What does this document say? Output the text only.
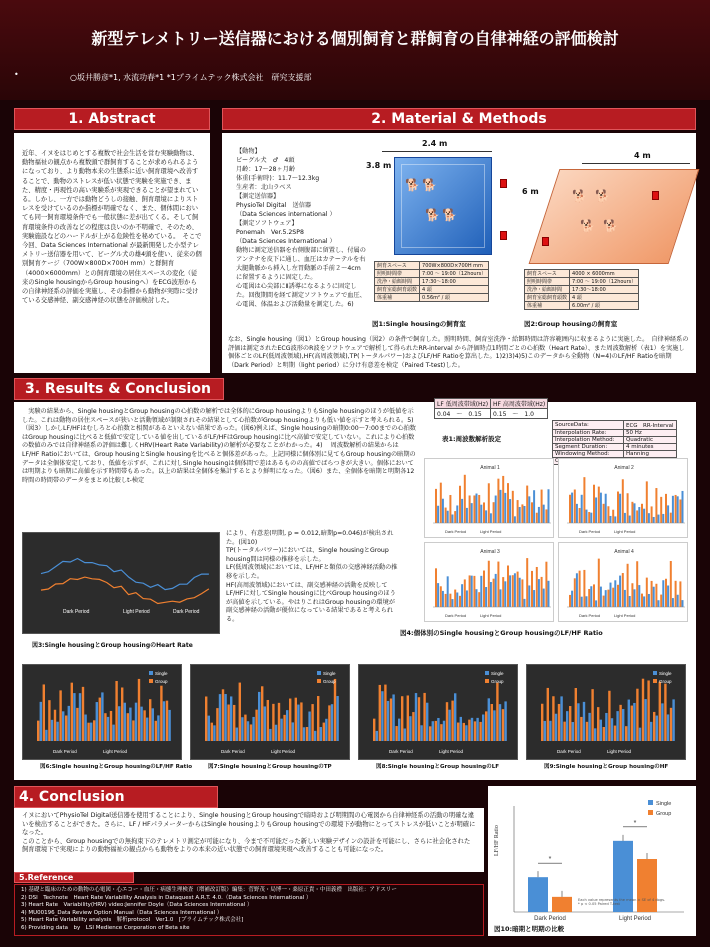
新型テレメトリー送信器における個別飼育と群飼育の自律神経の評価検討
•	○坂井勝彦*1, 水流功春*1 *1プライムテック株式会社　研究支援部
1. Abstract
近年、イヌをはじめとする複数で社会生活を営む実験動物は、動物福祉の観点から複数頭で群飼育することが求められるようになっており、より動物本来の生態系に近い飼育環境へ改善することで、動物のストレスが低い状態で実験を実施でき、また、精度・再現性の高い実験系が実現できることが望まれている。しかし、一方では動物どうしの接触、飼育環境によりストレスを受けているのか指標が明確でなく、また、個体間においても同一飼育環境条件でも一般状態に差が出てくる。そして飼育環境条件の改善などの程度は良いのか不明確で、そのため、実験施設などのハードルが上がる危険性を秘めている。　そこで今回、Data Sciences International が最新開発した小型テレメトリー送信器を用いて、ビーグル犬の雄4頭を使い、従来の個別飼育ケージ（700W×800D×700H mm）と群飼育（4000×6000mm）との飼育環境の居住スペースの変化（従来のSingle housingからGroup housingへ）をECG波形からの自律神経系の評価を実施し、その指標から動物が実際に受けている交感神経、副交感神経の状態を評価検討した。
2. Material & Methods
【動物】
ビーグル犬　♂　4頭
月齢：17～28ヶ月齢
体重(手術時)：11.7～12.3kg
生産者：北山ラベス
【測定送信器】
PhysioTel Digital　送信器
（Data Sciences international ）
【測定ソフトウェア】
Ponemah　Ver.5.2SP8
（Data Sciences International ）
動物に測定送信器を右側腹部に留置し、付属のアンテナを皮下に通し、血圧はカテーテルを右大腿動脈から挿入し左胃動脈の手前２～4cmに留置するように固定した。
心電図は心尖部にⅡ誘導になるように固定した。回復期間を経て測定ソフトウェアで血圧、心電図、体温および活動量を測定した。6)
なお、Single housing（図1）とGroup housing（図2）の条件で飼育した。照明時間、飼育室洗浄・給餌時間は許容範囲内に収まるように実施した。　自律神経系の評価は測定されたECG波形のR波をソフトウェアで解析して得られたRR-interval から評価時点1時間ごとの心拍数（Heart Rate）、また周波数解析（表1）を実施し個体ごとのLF(低周波領域),HF(高周波領域),TP(トータルパワー)およびLF/HF Ratioを算出した。1)2)3)4)5)このデータから全動物（N=4)のLF/HF Ratioを暗期（Dark Period）と明期（light period）に分け有意差を検定（Paired T-test)した。
2.4 m
3.8 m
🐕🐕
🐕🐕
飼育スペース	700W×800D×700H mm
照明時間帯	7:00 ～ 19:00（12hours）
洗浄・給餌時間	17:30～18:00
飼育室総飼育頭数	4 頭
体重補	0.56m² / 頭
図1:Single housingの飼育室
4 m
6 m	🐕🐕
🐕🐕
飼育スペース	4000 × 6000mm
照明時間帯	7:00 ～ 19:00（12hours）
洗浄・給餌時間	17:30～18:00
飼育室総飼育頭数	4 頭
体重補	6.00m² / 頭
図2:Group housingの飼育室
3. Results & Conclusion
　実験の結果から、Single housingとGroup housingの心拍数の解析では全体的にGroup housingよりもSingle housingのほうが低値を示した。これは動物の居住スペースが狭いと活動領域が制限されその結果として心拍数がGroup housingよりも低い値を示すと考えられる。5)（図3）しかしLF/HFはむしろと心拍数と相関があるといえない結果であった。(図6)例えば、Single housingの暗期0:00～7:00までの心拍数はGroup housingに比べると低値で安定している値を出しているがLF/HFはGroup housingに比べ高値で安定していない。これにより心拍数の数値のみでは自律神経系の評価は難しくHRV(Heart Rate Variability)の解析が必要なことがわかった。4) 　周波数解析の結果からはLF/HF Ratioにおいては、Group housingとSingle housingを比べると個体差があった。上記同様に個体別に見てもGroup housingの暗期のデータは全個体安定しており、低値を示すが、これに対しSingle housingは個体間で差はあるものの高値でばらつきが大きい。個体においては明期よりも暗期に高値を示す時間帯もあった。以上の結果は全個体を集計するとより鮮明になった。（図6）また、全個体を暗期と明期各12時間の時間帯のデータをまとめ比較しt-検定
により、有意差(明期, p = 0.012,暗期p=0.046)が検出された。(図10)
TP(トータルパワー)においては、Single housingとGroup housing間は同様の推移を示した。
LF(低周波領域)においては、LF/HFと類似の交感神経活動の推移を示した。
HF(高周波領域)においては、副交感神経の活動を反映してLF/HFに対してSingle housingに比べGroup housingのほうが高値を示している。やはりこれはGroup housingの環境が副交感神経の活動が優位になっている結果であると考えられる。
Dark Period	Light Period	Dark Period
図3:Single housingとGroup housingのHeart Rate
LF 低周波帯域(Hz)	HF 高周波帯域(Hz)
0.04　～　0.15	0.15　～　1.0
SourceData:	ECG　RR-Interval
Interpolation Rate:	50 Hz
Interpolation Method:	Quadratic
Segment Duration:	4 minutes
Windowing Method:	Hanning
Overlapping Sub-series:	2
表1:周波数解析設定
Animal 1
Dark Period	Light Period
Animal 2
Dark Period	Light Period
Animal 3
Dark Period	Light Period
Animal 4
Dark Period	Light Period
図4:個体別のSingle housingとGroup housingのLF/HF Ratio
Single
Group
Dark Period	Light Period
図6:Single housingとGroup housingのLF/HF Ratio
Single
Group
Dark Period	Light Period
図7:Single housingとGroup housingのTP
Single
Group
Dark Period	Light Period
図8:Single housingとGroup housingのLF
Single
Group
Dark Period	Light Period
図9:Single housingとGroup housingのHF
4. Conclusion
イヌにおいてPhysioTel Digital送信器を使用することにより、Single housingとGroup housingで暗時および明期間の心電図から自律神経系の活動の明確な違いを検出することができた。さらに、LF / HFパラメーターからはSingle housingよりもGroup housingでの環境下が動物にとってストレスが低いことが明確になった。
このことから、Group housingでの無拘束下のテレメトリ測定が可能になり、今まで不可能だった新しい実験デザインの設計を可能にし、さらに社会化された飼育環境下で実現によりの動物福祉の観点からも動物をよりの本来の近い状態での飼育環境実現へ改善することも可能になった。
5.Reference
1) 基礎と臨床のための動物の心電図・心エコー・血圧・病態生理検査（増補改訂版）編集：菅野茂・局博一・桑原正貴・中田義禮　出版社：アドスリー
2) DSI　Technote　Heart Rate Variability Analysis in Dataquest A.R.T. 4.0.（Data Sciences International ）
3) Heart Rate　Variability(HRV) video:Jennifer Doyle（Data Sciences International ）
4) MU00196_Data Review Option Manual（Data Sciences International ）
5) Heart Rate Variability analysis　解析protocol　Ver1.0　[プライムテック株式会社]
6) Providing data　by　LSI Medience Corporation of Beta site
LF/HF Ratio
Dark Period
*
Light Period
*
Single
Group
Each value represents the mean ± SE of 4 dogs.
* p < 0.05 Paired T-test
図10:暗期と明期の比較
